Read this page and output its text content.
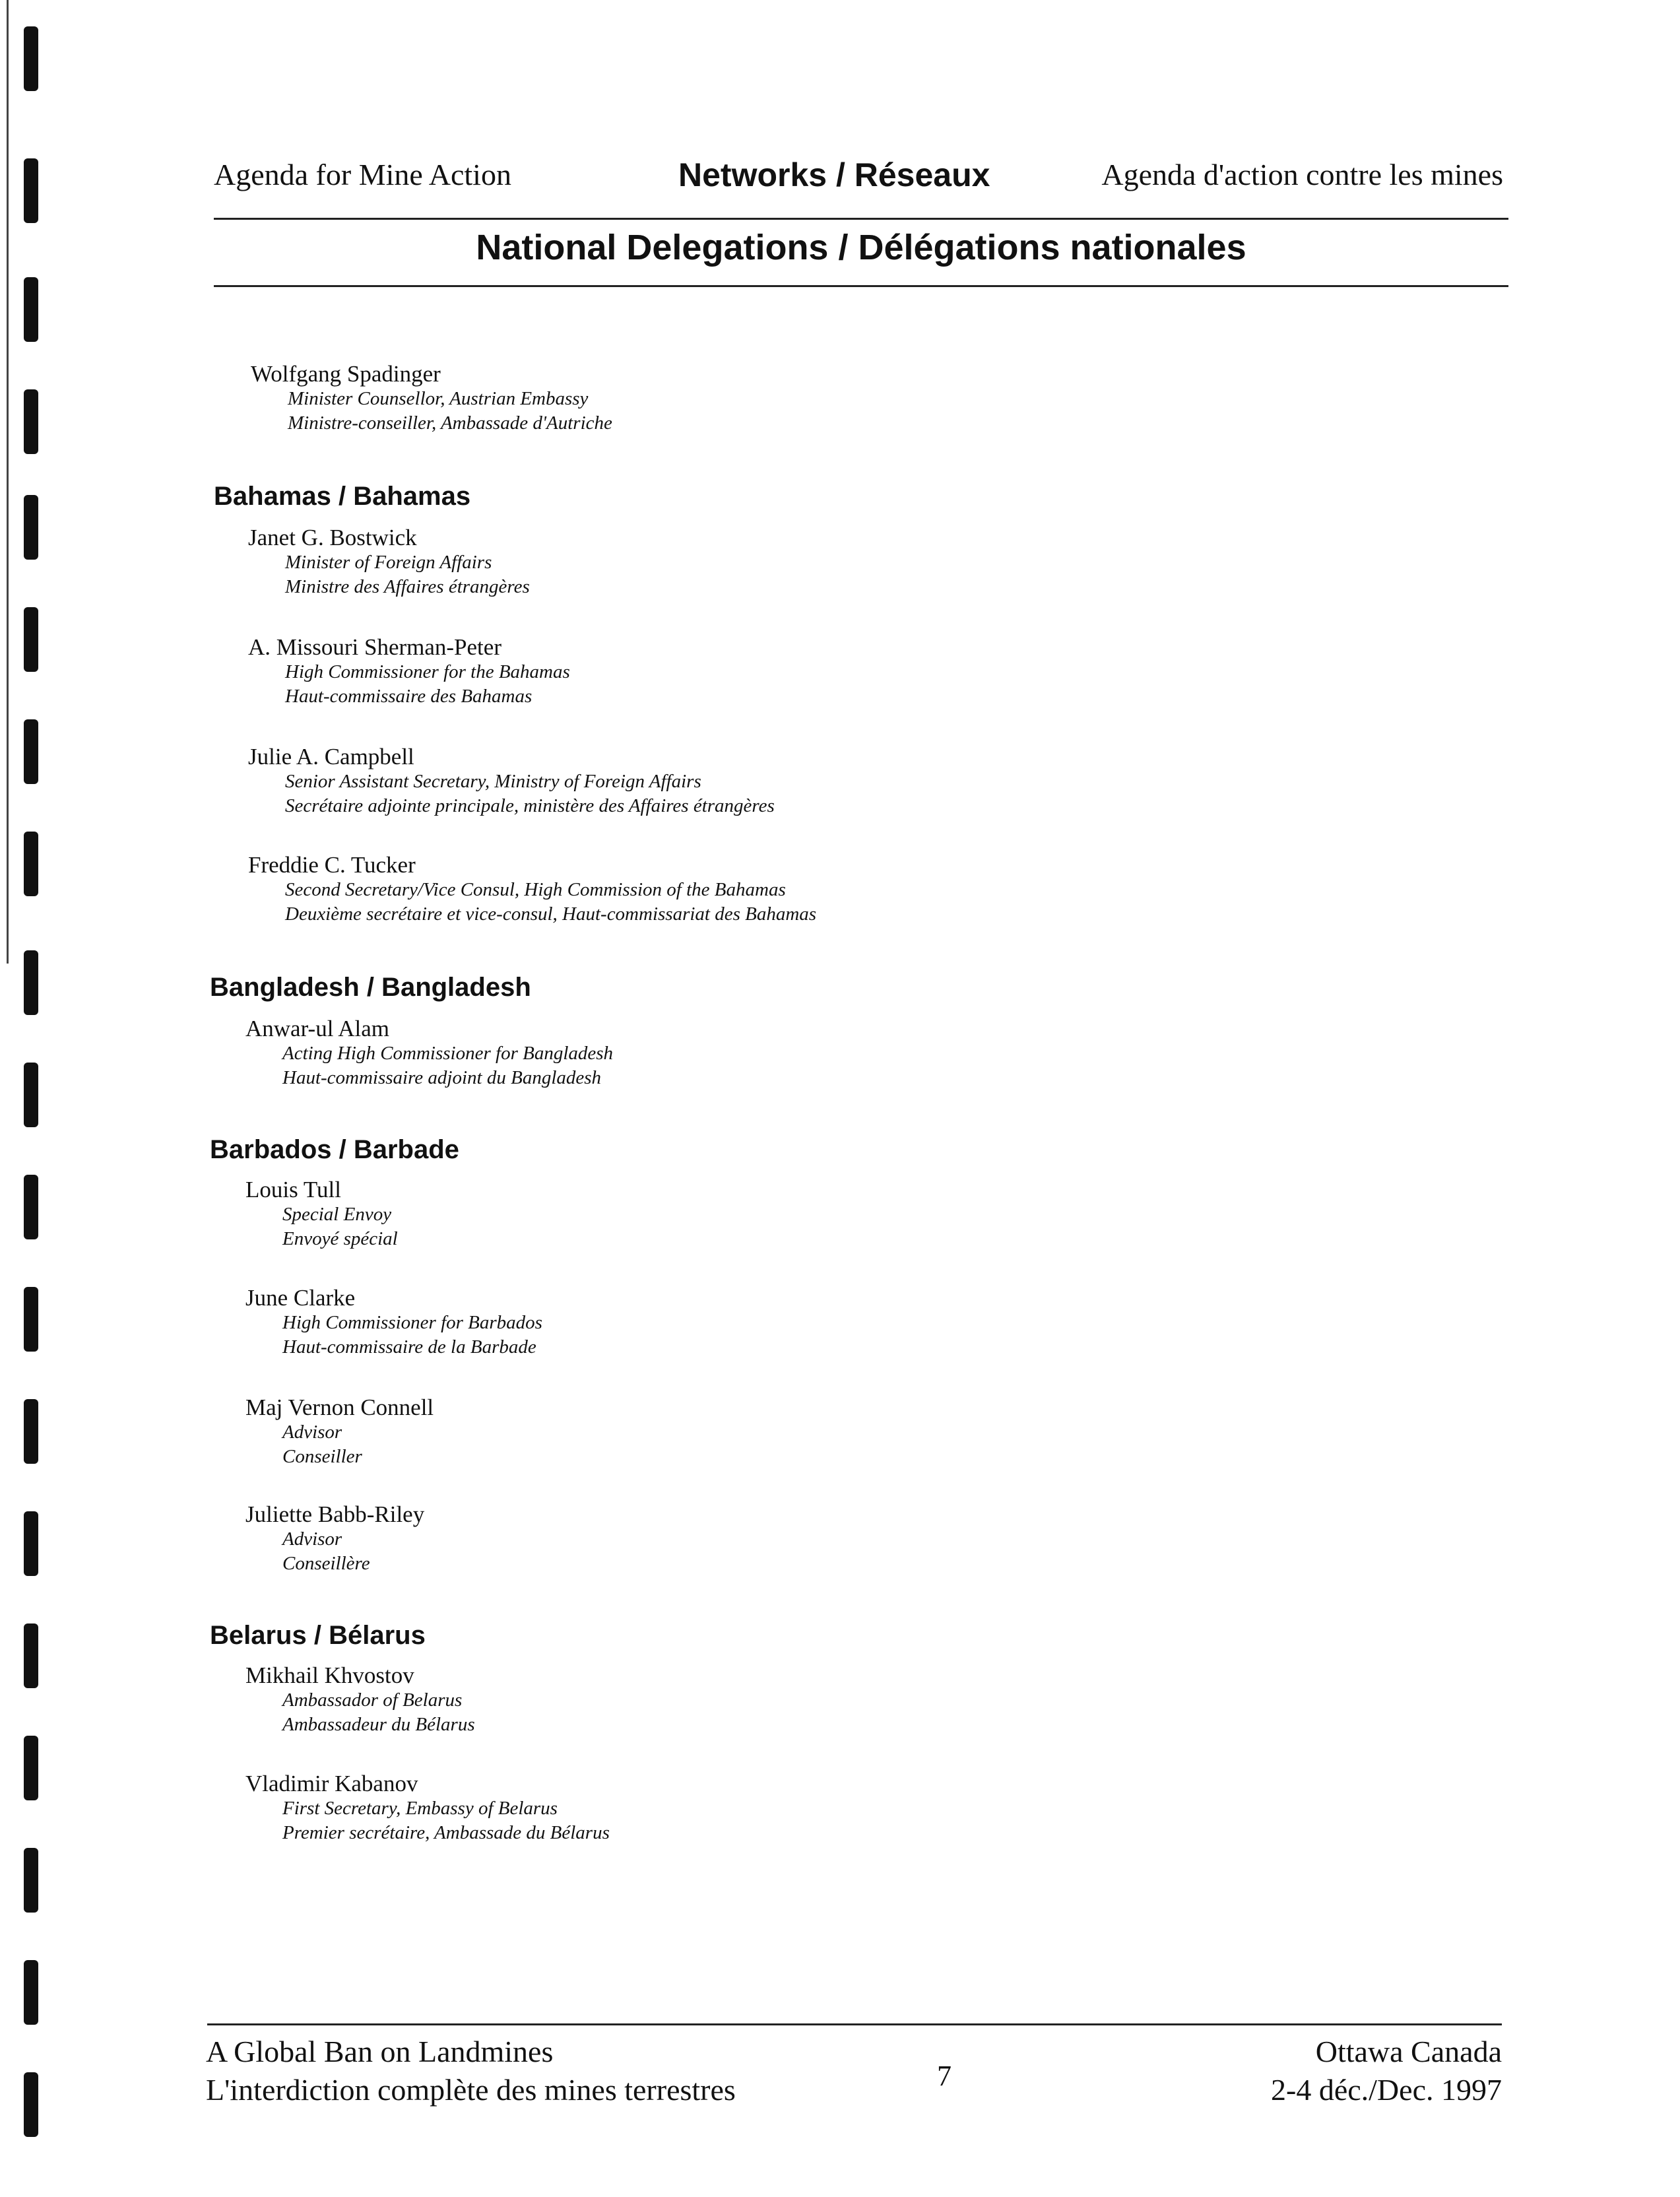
Agenda for Mine Action	Networks / Réseaux	Agenda d'action contre les mines
National Delegations / Délégations nationales
Wolfgang Spadinger
Minister Counsellor, Austrian Embassy
Ministre-conseiller, Ambassade d'Autriche
Bahamas / Bahamas
Janet G. Bostwick
Minister of Foreign Affairs
Ministre des Affaires étrangères
A. Missouri Sherman-Peter
High Commissioner for the Bahamas
Haut-commissaire des Bahamas
Julie A. Campbell
Senior Assistant Secretary, Ministry of Foreign Affairs
Secrétaire adjointe principale, ministère des Affaires étrangères
Freddie C. Tucker
Second Secretary/Vice Consul, High Commission of the Bahamas
Deuxième secrétaire et vice-consul, Haut-commissariat des Bahamas
Bangladesh / Bangladesh
Anwar-ul Alam
Acting High Commissioner for Bangladesh
Haut-commissaire adjoint du Bangladesh
Barbados / Barbade
Louis Tull
Special Envoy
Envoyé spécial
June Clarke
High Commissioner for Barbados
Haut-commissaire de la Barbade
Maj Vernon Connell
Advisor
Conseiller
Juliette Babb-Riley
Advisor
Conseillère
Belarus / Bélarus
Mikhail Khvostov
Ambassador of Belarus
Ambassadeur du Bélarus
Vladimir Kabanov
First Secretary, Embassy of Belarus
Premier secrétaire, Ambassade du Bélarus
A Global Ban on Landmines
L'interdiction complète des mines terrestres	7
Ottawa Canada
2-4 déc./Dec. 1997
